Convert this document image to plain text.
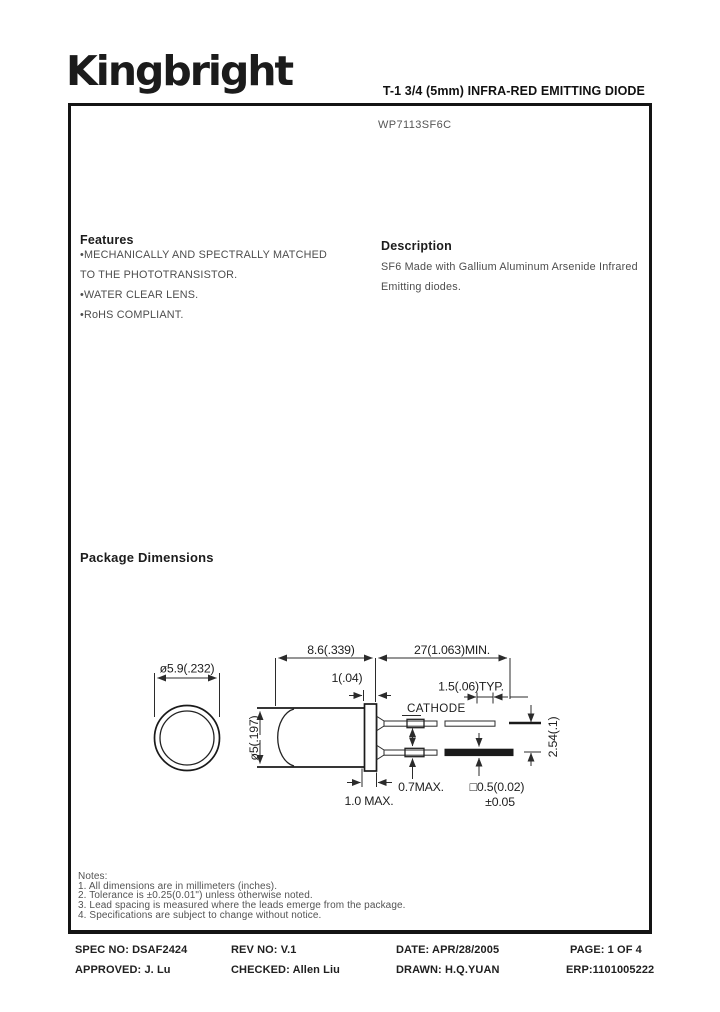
Kingbright	T-1 3/4 (5mm) INFRA-RED EMITTING DIODE
WP7113SF6C
Features
•MECHANICALLY AND SPECTRALLY MATCHED
TO THE PHOTOTRANSISTOR.
•WATER CLEAR LENS.
•RoHS COMPLIANT.
Description
SF6 Made with Gallium Aluminum Arsenide Infrared
Emitting diodes.
Package Dimensions
ø5.9(.232)
ø5(.197)
8.6(.339)	27(1.063)MIN.
1(.04)
1.5(.06)TYP.
CATHODE
2.54(.1)
0.7MAX.
1.0 MAX.
□0.5(0.02)
±0.05
Notes:
1. All dimensions are in millimeters (inches).
2. Tolerance is ±0.25(0.01") unless otherwise noted.
3. Lead spacing is measured where the leads emerge from the package.
4. Specifications are subject to change without notice.
SPEC NO: DSAF2424	REV NO: V.1	DATE: APR/28/2005	PAGE: 1 OF 4
APPROVED: J. Lu	CHECKED: Allen Liu	DRAWN: H.Q.YUAN	ERP:1101005222
